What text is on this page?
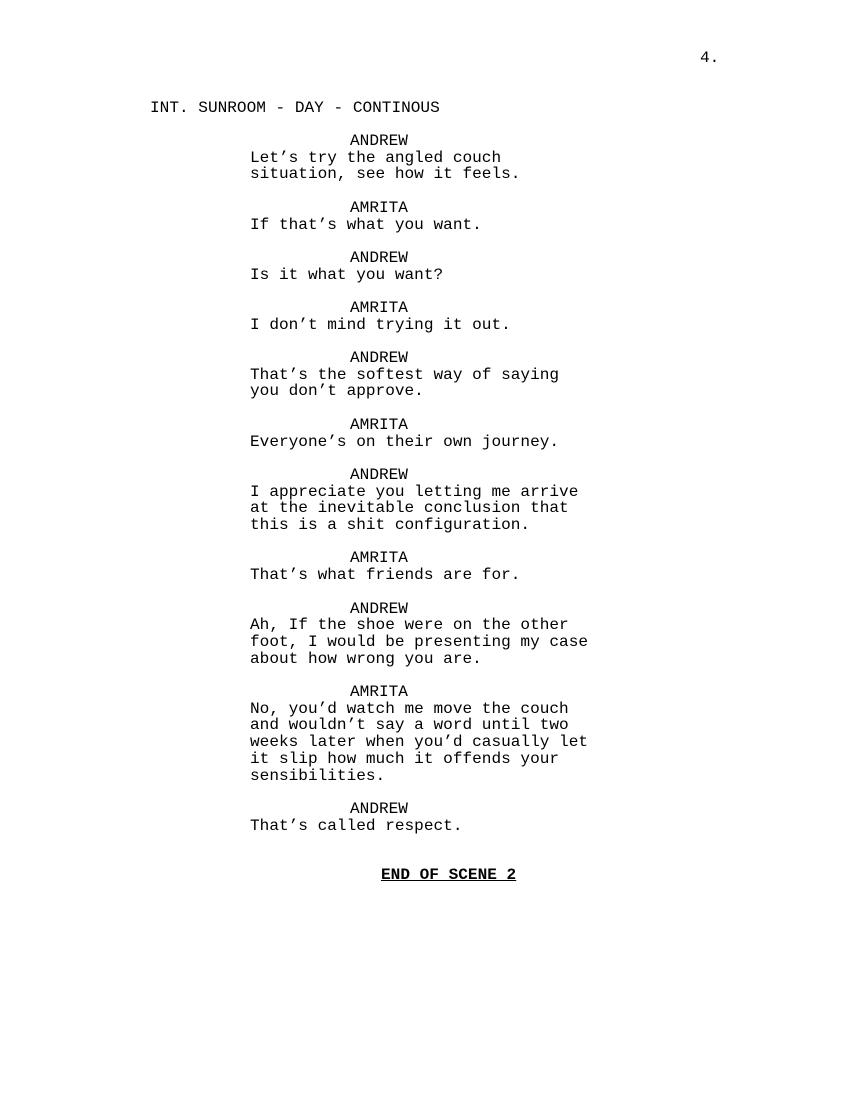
4.
INT. SUNROOM - DAY - CONTINOUS
ANDREW
Let’s try the angled couch
situation, see how it feels.
AMRITA
If that’s what you want.
ANDREW
Is it what you want?
AMRITA
I don’t mind trying it out.
ANDREW
That’s the softest way of saying
you don’t approve.
AMRITA
Everyone’s on their own journey.
ANDREW
I appreciate you letting me arrive
at the inevitable conclusion that
this is a shit configuration.
AMRITA
That’s what friends are for.
ANDREW
Ah, If the shoe were on the other
foot, I would be presenting my case
about how wrong you are.
AMRITA
No, you’d watch me move the couch
and wouldn’t say a word until two
weeks later when you’d casually let
it slip how much it offends your
sensibilities.
ANDREW
That’s called respect.
END OF SCENE 2
